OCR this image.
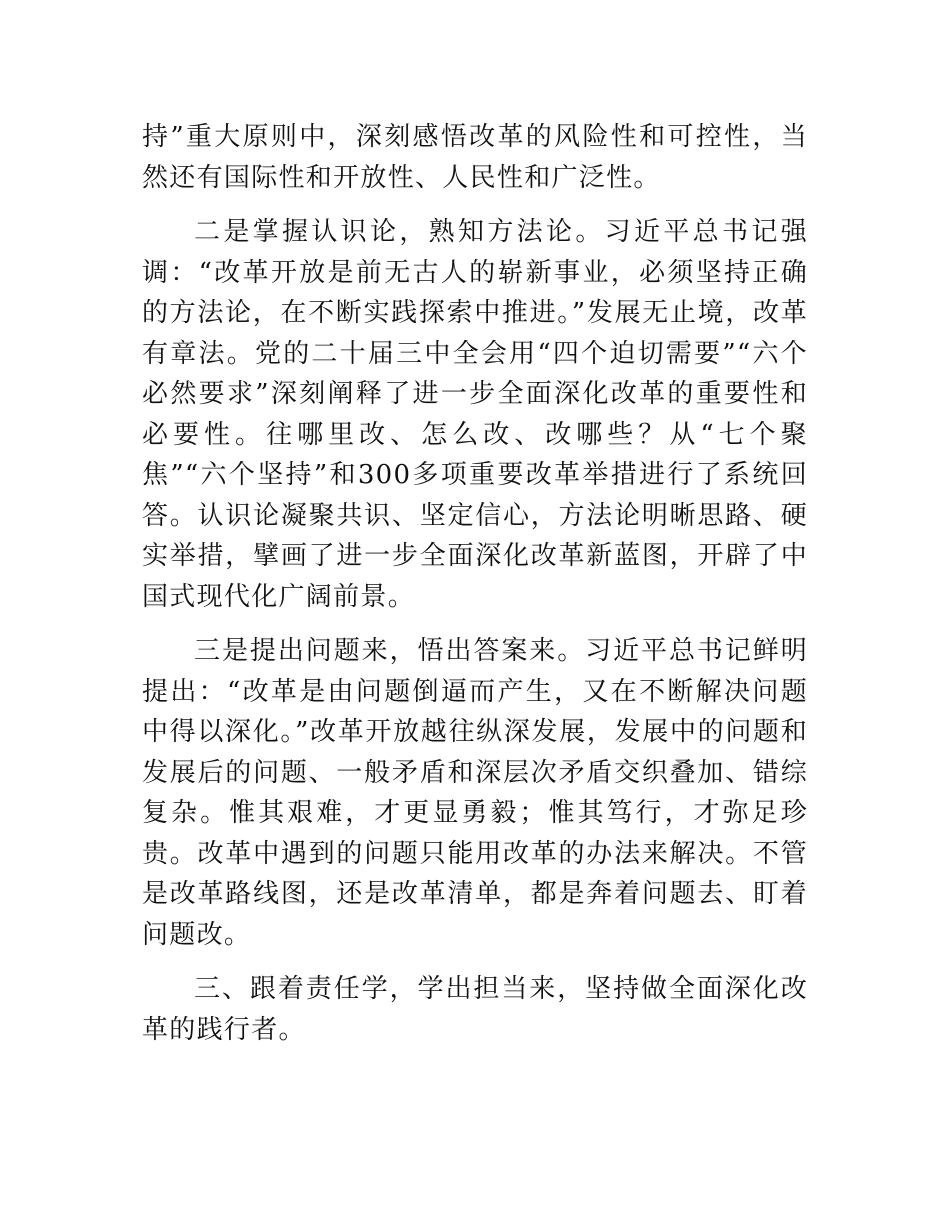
持”重大原则中，深刻感悟改革的风险性和可控性，当然还有国际性和开放性、人民性和广泛性。

二是掌握认识论，熟知方法论。习近平总书记强调：“改革开放是前无古人的崭新事业，必须坚持正确的方法论，在不断实践探索中推进。”发展无止境，改革有章法。党的二十届三中全会用“四个迫切需要”“六个必然要求”深刻阐释了进一步全面深化改革的重要性和必要性。往哪里改、怎么改、改哪些？从“七个聚焦”“六个坚持”和300多项重要改革举措进行了系统回答。认识论凝聚共识、坚定信心，方法论明晰思路、硬实举措，擘画了进一步全面深化改革新蓝图，开辟了中国式现代化广阔前景。

三是提出问题来，悟出答案来。习近平总书记鲜明提出：“改革是由问题倒逼而产生，又在不断解决问题中得以深化。”改革开放越往纵深发展，发展中的问题和发展后的问题、一般矛盾和深层次矛盾交织叠加、错综复杂。惟其艰难，才更显勇毅；惟其笃行，才弥足珍贵。改革中遇到的问题只能用改革的办法来解决。不管是改革路线图，还是改革清单，都是奔着问题去、盯着问题改。

三、跟着责任学，学出担当来，坚持做全面深化改革的践行者。
